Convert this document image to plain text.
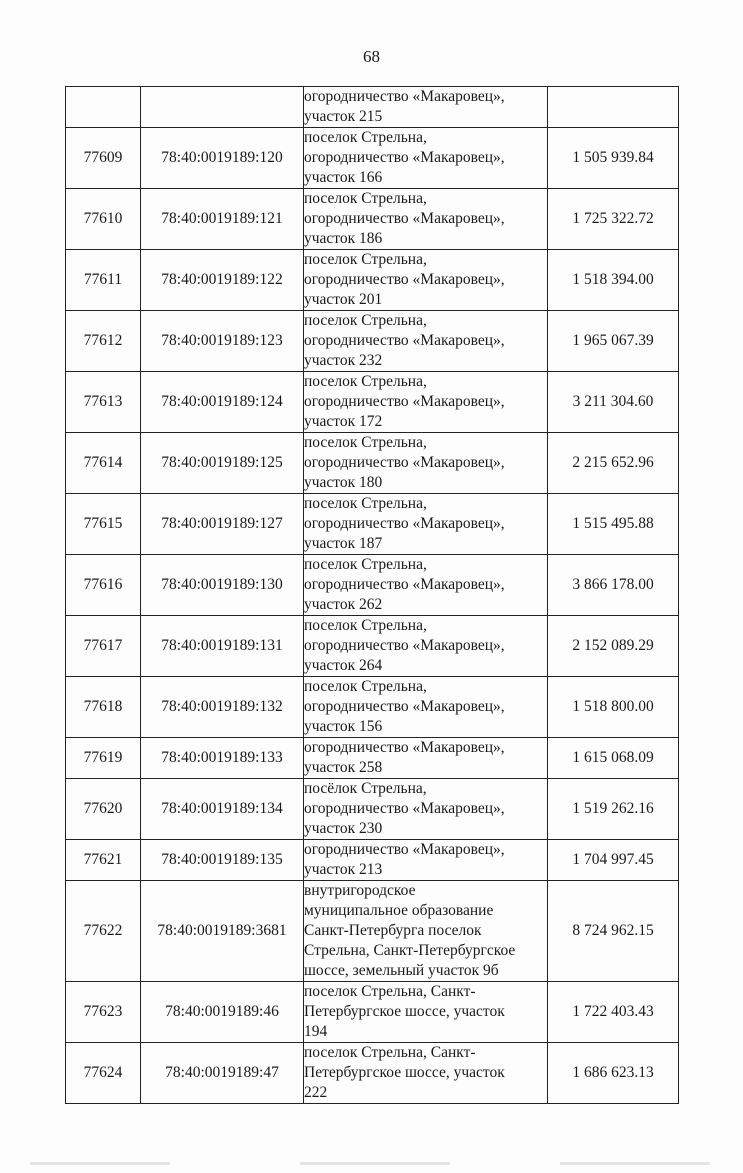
68

		огородничество «Макаровец»,
участок 215	

77609	78:40:0019189:120	поселок Стрельна,
огородничество «Макаровец»,
участок 166	1 505 939.84
77610	78:40:0019189:121	поселок Стрельна,
огородничество «Макаровец»,
участок 186	1 725 322.72
77611	78:40:0019189:122	поселок Стрельна,
огородничество «Макаровец»,
участок 201	1 518 394.00
77612	78:40:0019189:123	поселок Стрельна,
огородничество «Макаровец»,
участок 232	1 965 067.39
77613	78:40:0019189:124	поселок Стрельна,
огородничество «Макаровец»,
участок 172	3 211 304.60
77614	78:40:0019189:125	поселок Стрельна,
огородничество «Макаровец»,
участок 180	2 215 652.96
77615	78:40:0019189:127	поселок Стрельна,
огородничество «Макаровец»,
участок 187	1 515 495.88
77616	78:40:0019189:130	поселок Стрельна,
огородничество «Макаровец»,
участок 262	3 866 178.00
77617	78:40:0019189:131	поселок Стрельна,
огородничество «Макаровец»,
участок 264	2 152 089.29
77618	78:40:0019189:132	поселок Стрельна,
огородничество «Макаровец»,
участок 156	1 518 800.00
77619	78:40:0019189:133	огородничество «Макаровец»,
участок 258	1 615 068.09
77620	78:40:0019189:134	посёлок Стрельна,
огородничество «Макаровец»,
участок 230	1 519 262.16
77621	78:40:0019189:135	огородничество «Макаровец»,
участок 213	1 704 997.45
77622	78:40:0019189:3681	внутригородское
муниципальное образование
Санкт-Петербурга поселок
Стрельна, Санкт-Петербургское
шоссе, земельный участок 9б	8 724 962.15
77623	78:40:0019189:46	поселок Стрельна, Санкт-
Петербургское шоссе, участок
194	1 722 403.43
77624	78:40:0019189:47	поселок Стрельна, Санкт-
Петербургское шоссе, участок
222	1 686 623.13
